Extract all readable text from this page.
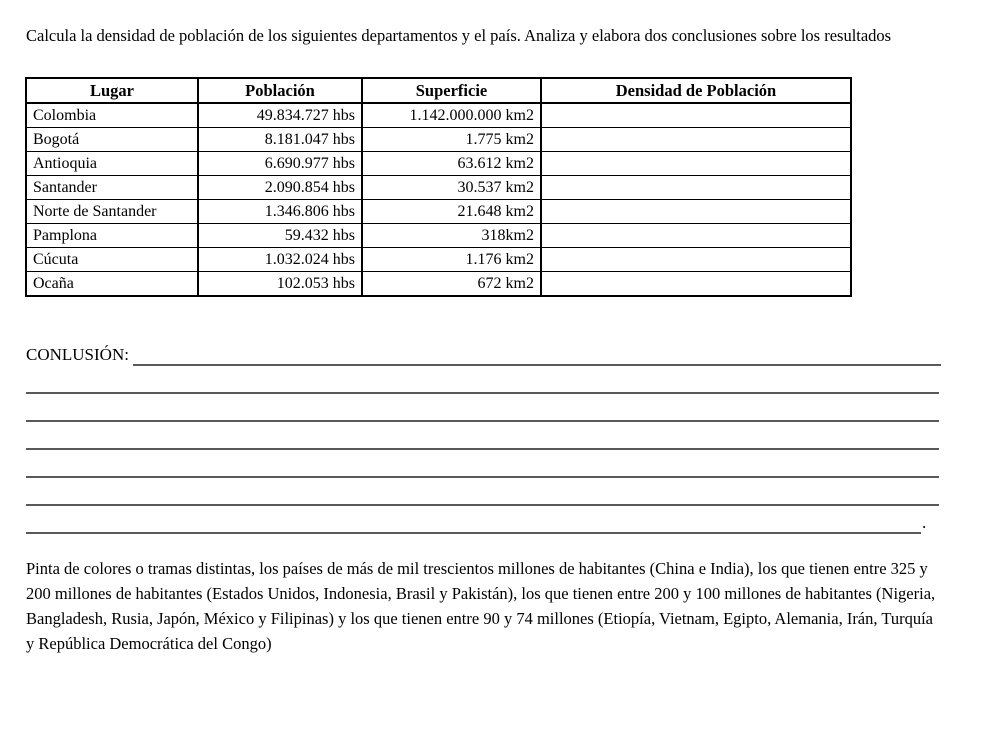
Calcula la densidad de población de los siguientes departamentos y el país. Analiza y elabora dos conclusiones sobre los resultados

Lugar	Población	Superficie	Densidad de Población
Colombia	49.834.727 hbs	1.142.000.000 km2	
Bogotá	8.181.047 hbs	1.775 km2	
Antioquia	6.690.977 hbs	63.612 km2	
Santander	2.090.854 hbs	30.537 km2	
Norte de Santander	1.346.806 hbs	21.648 km2	
Pamplona	59.432 hbs	318km2	
Cúcuta	1.032.024 hbs	1.176 km2	
Ocaña	102.053 hbs	672 km2	
CONLUSIÓN:
.

Pinta de colores o tramas distintas, los países de más de mil trescientos millones de habitantes (China e India), los que tienen entre 325 y 200 millones de habitantes (Estados Unidos, Indonesia, Brasil y Pakistán), los que tienen entre 200 y 100 millones de habitantes (Nigeria, Bangladesh, Rusia, Japón, México y Filipinas) y los que tienen entre 90 y 74 millones (Etiopía, Vietnam, Egipto, Alemania, Irán, Turquía y República Democrática del Congo)
